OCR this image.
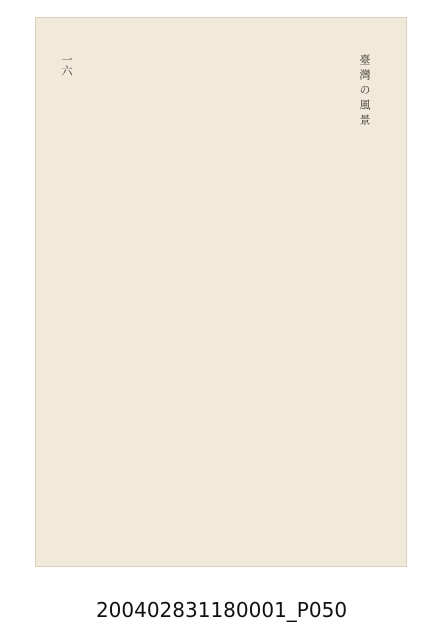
臺灣の風景
一六
200402831180001_P050
